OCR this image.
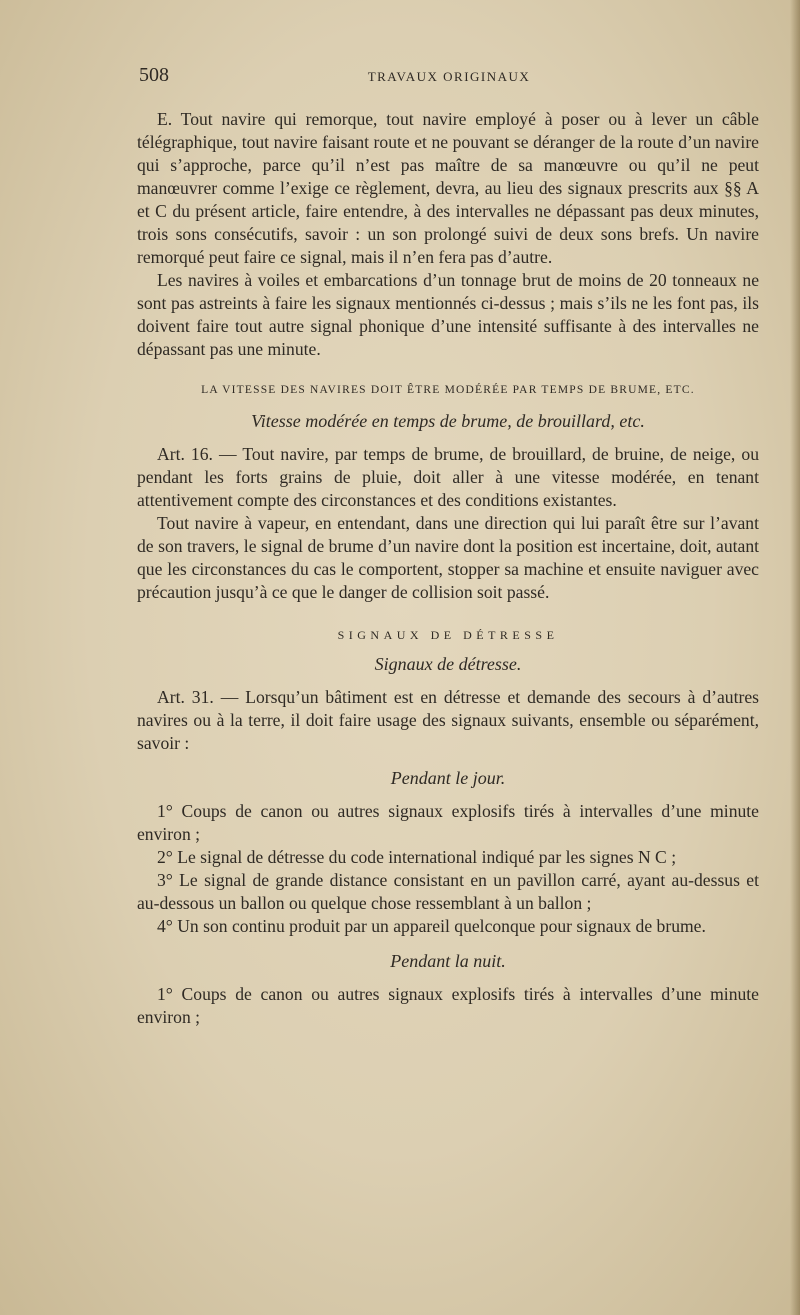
508	TRAVAUX ORIGINAUX

E. Tout navire qui remorque, tout navire employé à poser ou à lever un câble télégraphique, tout navire faisant route et ne pouvant se déranger de la route d’un navire qui s’approche, parce qu’il n’est pas maître de sa manœuvre ou qu’il ne peut manœuvrer comme l’exige ce règlement, devra, au lieu des signaux prescrits aux §§ A et C du présent article, faire entendre, à des intervalles ne dépassant pas deux minutes, trois sons consécutifs, savoir : un son prolongé suivi de deux sons brefs. Un navire remorqué peut faire ce signal, mais il n’en fera pas d’autre.

Les navires à voiles et embarcations d’un tonnage brut de moins de 20 tonneaux ne sont pas astreints à faire les signaux mentionnés ci-dessus ; mais s’ils ne les font pas, ils doivent faire tout autre signal phonique d’une intensité suffisante à des intervalles ne dépassant pas une minute.

LA VITESSE DES NAVIRES DOIT ÊTRE MODÉRÉE PAR TEMPS DE BRUME, ETC.
Vitesse modérée en temps de brume, de brouillard, etc.

Art. 16. — Tout navire, par temps de brume, de brouillard, de bruine, de neige, ou pendant les forts grains de pluie, doit aller à une vitesse modérée, en tenant attentivement compte des circonstances et des conditions existantes.

Tout navire à vapeur, en entendant, dans une direction qui lui paraît être sur l’avant de son travers, le signal de brume d’un navire dont la position est incertaine, doit, autant que les circonstances du cas le comportent, stopper sa machine et ensuite naviguer avec précaution jusqu’à ce que le danger de collision soit passé.

SIGNAUX DE DÉTRESSE
Signaux de détresse.

Art. 31. — Lorsqu’un bâtiment est en détresse et demande des secours à d’autres navires ou à la terre, il doit faire usage des signaux suivants, ensemble ou séparément, savoir :

Pendant le jour.

1° Coups de canon ou autres signaux explosifs tirés à intervalles d’une minute environ ;

2° Le signal de détresse du code international indiqué par les signes N C ;

3° Le signal de grande distance consistant en un pavillon carré, ayant au-dessus et au-dessous un ballon ou quelque chose ressemblant à un ballon ;

4° Un son continu produit par un appareil quelconque pour signaux de brume.

Pendant la nuit.

1° Coups de canon ou autres signaux explosifs tirés à intervalles d’une minute environ ;
